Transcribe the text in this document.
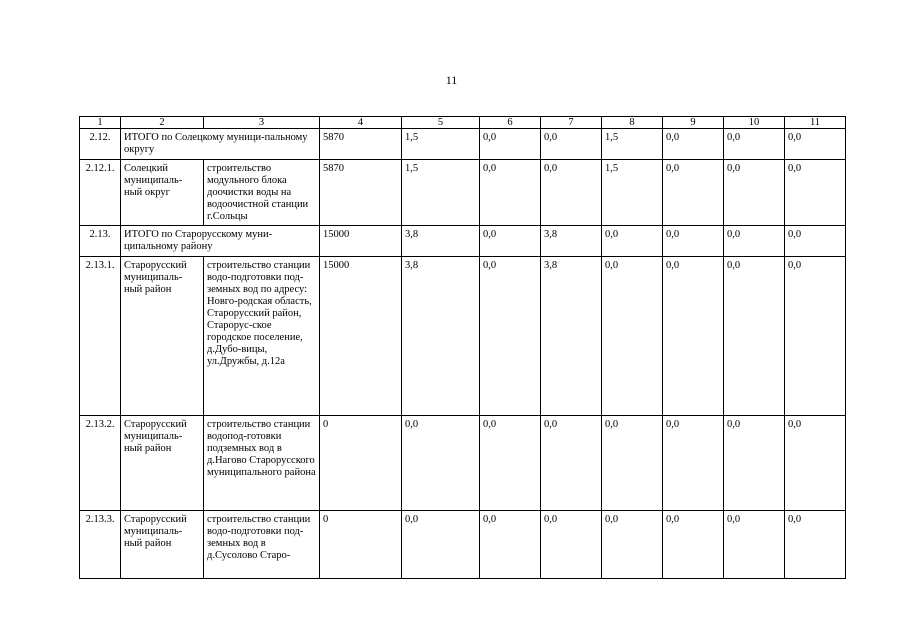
11
1	2	3	4	5	6	7	8	9	10	11
2.12.	ИТОГО по Солецкому муници-пальному округу		5870	1,5	0,0	0,0	1,5	0,0	0,0	0,0
2.12.1.	Солецкий муниципаль-ный округ	строительство модульного блока доочистки воды на водоочистной станции г.Сольцы	5870	1,5	0,0	0,0	1,5	0,0	0,0	0,0
2.13.	ИТОГО по Старорусскому муни-ципальному району		15000	3,8	0,0	3,8	0,0	0,0	0,0	0,0
2.13.1.	Старорусский муниципаль-ный район	строительство станции водо-подготовки под-земных вод по адресу: Новго-родская область, Старорусский район, Старорус-ское городское поселение, д.Дубо-вицы, ул.Дружбы, д.12а	15000	3,8	0,0	3,8	0,0	0,0	0,0	0,0
2.13.2.	Старорусский муниципаль-ный район	строительство станции водопод-готовки подземных вод в д.Нагово Старорусского муниципального района	0	0,0	0,0	0,0	0,0	0,0	0,0	0,0
2.13.3.	Старорусский муниципаль-ный район	строительство станции водо-подготовки под-земных вод в д.Сусолово Старо-	0	0,0	0,0	0,0	0,0	0,0	0,0	0,0
